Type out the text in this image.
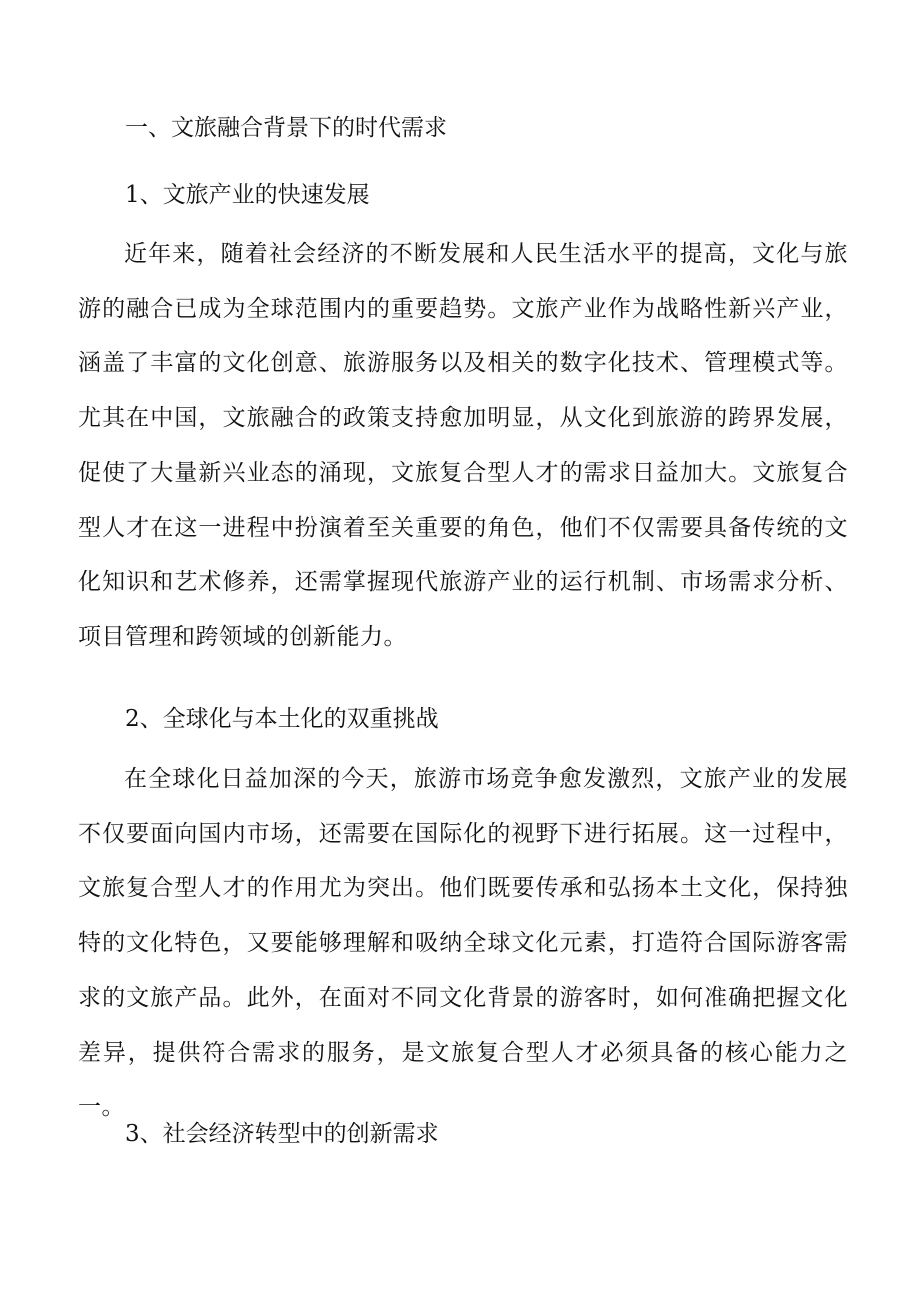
一、文旅融合背景下的时代需求
1、文旅产业的快速发展

近年来，随着社会经济的不断发展和人民生活水平的提高，文化与旅游的融合已成为全球范围内的重要趋势。文旅产业作为战略性新兴产业，涵盖了丰富的文化创意、旅游服务以及相关的数字化技术、管理模式等。尤其在中国，文旅融合的政策支持愈加明显，从文化到旅游的跨界发展，促使了大量新兴业态的涌现，文旅复合型人才的需求日益加大。文旅复合型人才在这一进程中扮演着至关重要的角色，他们不仅需要具备传统的文化知识和艺术修养，还需掌握现代旅游产业的运行机制、市场需求分析、项目管理和跨领域的创新能力。

2、全球化与本土化的双重挑战

在全球化日益加深的今天，旅游市场竞争愈发激烈，文旅产业的发展不仅要面向国内市场，还需要在国际化的视野下进行拓展。这一过程中，文旅复合型人才的作用尤为突出。他们既要传承和弘扬本土文化，保持独特的文化特色，又要能够理解和吸纳全球文化元素，打造符合国际游客需求的文旅产品。此外，在面对不同文化背景的游客时，如何准确把握文化差异，提供符合需求的服务，是文旅复合型人才必须具备的核心能力之一。

3、社会经济转型中的创新需求
